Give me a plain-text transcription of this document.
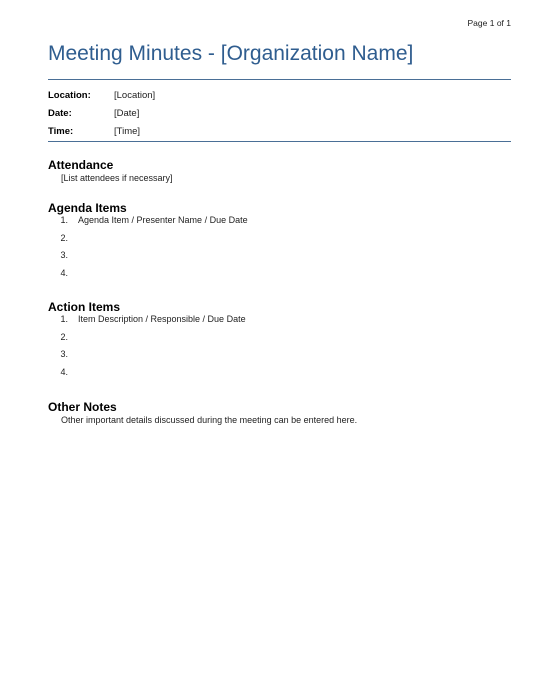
Page 1 of 1
Meeting Minutes - [Organization Name]
Location:	[Location]
Date:	[Date]
Time:	[Time]
Attendance
[List attendees if necessary]
Agenda Items
1. Agenda Item / Presenter Name / Due Date
2.
3.
4.
Action Items
1. Item Description / Responsible / Due Date
2.
3.
4.
Other Notes
Other important details discussed during the meeting can be entered here.
